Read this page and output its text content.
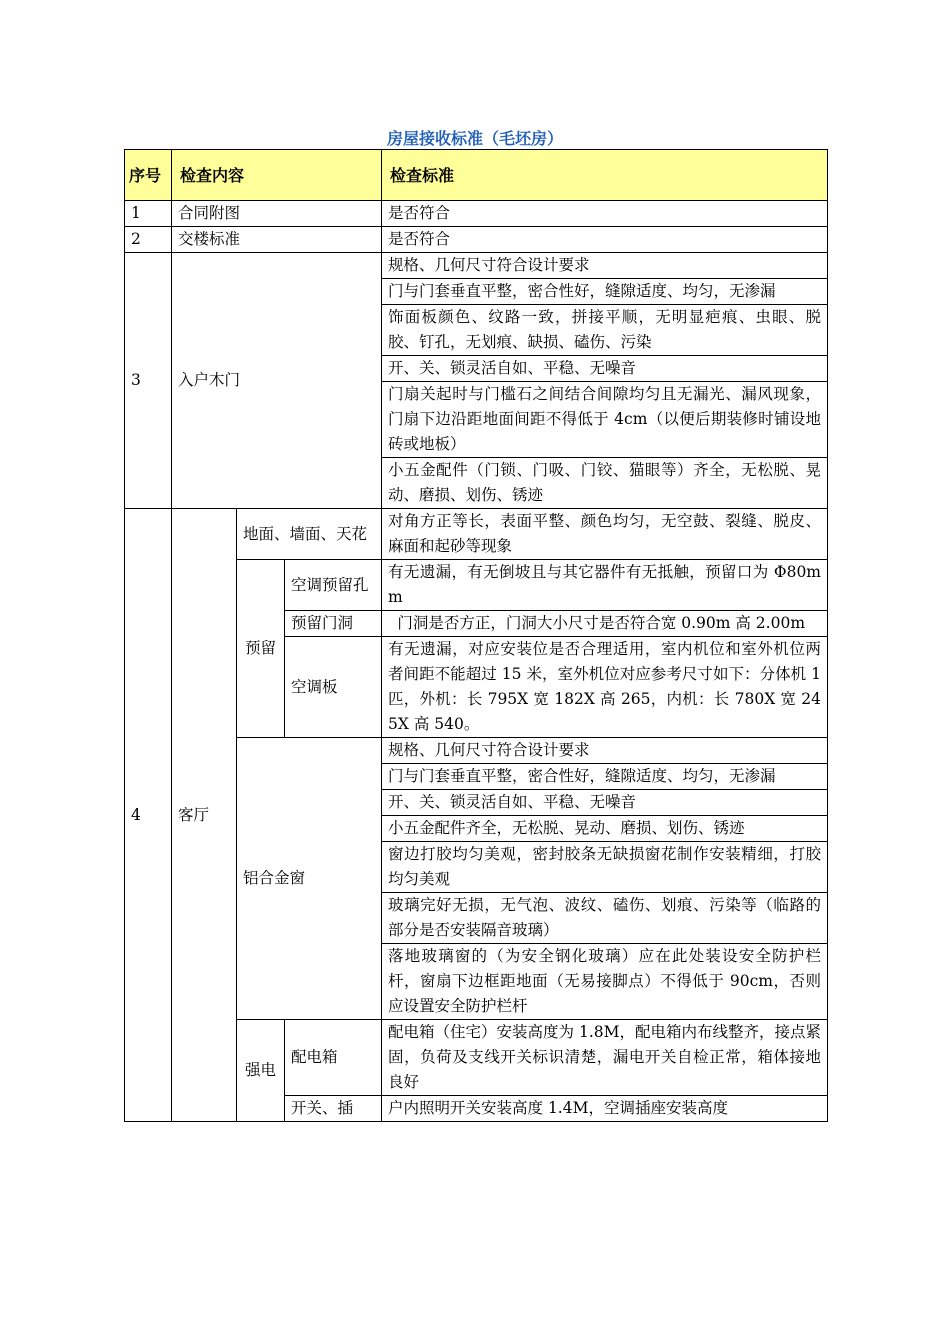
房屋接收标准（毛坯房）
序号	检查内容			检查标准
1	合同附图			是否符合
2	交楼标准			是否符合
3	入户木门			规格、几何尺寸符合设计要求
				门与门套垂直平整，密合性好，缝隙适度、均匀，无渗漏
				饰面板颜色、纹路一致，拼接平顺，无明显疤痕、虫眼、脱胶、钉孔，无划痕、缺损、磕伤、污染
				开、关、锁灵活自如、平稳、无噪音
				门扇关起时与门槛石之间结合间隙均匀且无漏光、漏风现象，门扇下边沿距地面间距不得低于 4cm（以便后期装修时铺设地砖或地板）
				小五金配件（门锁、门吸、门铰、猫眼等）齐全，无松脱、晃动、磨损、划伤、锈迹
4	客厅	地面、墙面、天花		对角方正等长，表面平整、颜色均匀，无空鼓、裂缝、脱皮、麻面和起砂等现象
		预留	空调预留孔	有无遗漏，有无倒坡且与其它器件有无抵触，预留口为 Φ80mm
			预留门洞	门洞是否方正，门洞大小尺寸是否符合宽 0.90m 高 2.00m
			空调板	有无遗漏，对应安装位是否合理适用，室内机位和室外机位两者间距不能超过 15 米，室外机位对应参考尺寸如下：分体机 1 匹，外机：长 795X 宽 182X 高 265，内机：长 780X 宽 245X 高 540。
		铝合金窗		规格、几何尺寸符合设计要求
				门与门套垂直平整，密合性好，缝隙适度、均匀，无渗漏
				开、关、锁灵活自如、平稳、无噪音
				小五金配件齐全，无松脱、晃动、磨损、划伤、锈迹
				窗边打胶均匀美观，密封胶条无缺损窗花制作安装精细，打胶均匀美观
				玻璃完好无损，无气泡、波纹、磕伤、划痕、污染等（临路的部分是否安装隔音玻璃）
				落地玻璃窗的（为安全钢化玻璃）应在此处装设安全防护栏杆，窗扇下边框距地面（无易接脚点）不得低于 90cm，否则应设置安全防护栏杆
		强电	配电箱	配电箱（住宅）安装高度为 1.8M，配电箱内布线整齐，接点紧固，负荷及支线开关标识清楚，漏电开关自检正常，箱体接地良好
			开关、插	户内照明开关安装高度 1.4M，空调插座安装高度
